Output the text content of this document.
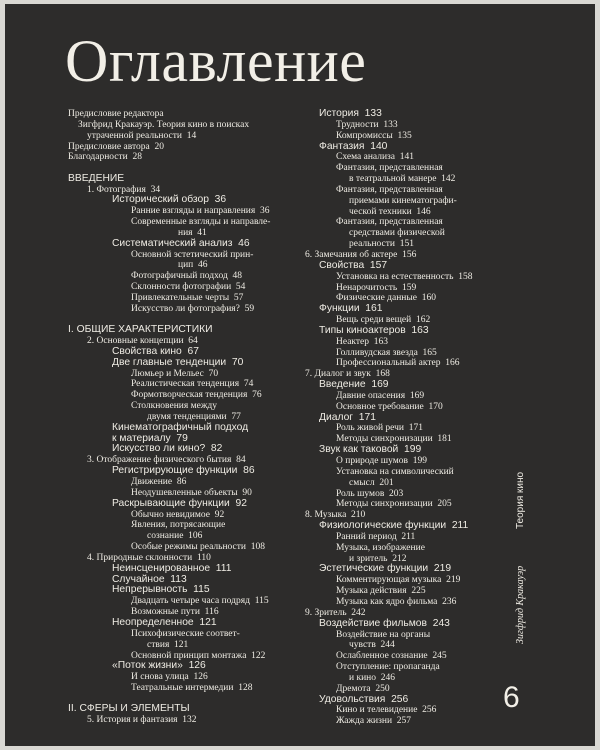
Оглавление
Предисловие редактора
Зигфрид Кракауэр. Теория кино в поисках
утраченной реальности  14
Предисловие автора  20
Благодарности  28
ВВЕДЕНИЕ
1. Фотография  34
Исторический обзор  36
Ранние взгляды и направления  36
Современные взгляды и направле-
ния  41
Систематический анализ  46
Основной эстетический прин-
цип  46
Фотографичный подход  48
Склонности фотографии  54
Привлекательные черты  57
Искусство ли фотография?  59
I. ОБЩИЕ ХАРАКТЕРИСТИКИ
2. Основные концепции  64
Свойства кино  67
Две главные тенденции  70
Люмьер и Мельес  70
Реалистическая тенденция  74
Формотворческая тенденция  76
Столкновения между
двумя тенденциями  77
Кинематографичный подход
к материалу  79
Искусство ли кино?  82
3. Отображение физического бытия  84
Регистрирующие функции  86
Движение  86
Неодушевленные объекты  90
Раскрывающие функции  92
Обычно невидимое  92
Явления, потрясающие
сознание  106
Особые режимы реальности  108
4. Природные склонности  110
Неинсценированное  111
Случайное  113
Непрерывность  115
Двадцать четыре часа подряд  115
Возможные пути  116
Неопределенное  121
Психофизические соответ-
ствия  121
Основной принцип монтажа  122
«Поток жизни»  126
И снова улица  126
Театральные интермедии  128
II. СФЕРЫ И ЭЛЕМЕНТЫ
5. История и фантазия  132
История  133
Трудности  133
Компромиссы  135
Фантазия  140
Схема анализа  141
Фантазия, представленная
в театральной манере  142
Фантазия, представленная
приемами кинематографи-
ческой техники  146
Фантазия, представленная
средствами физической
реальности  151
6. Замечания об актере  156
Свойства  157
Установка на естественность  158
Ненарочитость  159
Физические данные  160
Функции  161
Вещь среди вещей  162
Типы киноактеров  163
Неактер  163
Голливудская звезда  165
Профессиональный актер  166
7. Диалог и звук  168
Введение  169
Давние опасения  169
Основное требование  170
Диалог  171
Роль живой речи  171
Методы синхронизации  181
Звук как таковой  199
О природе шумов  199
Установка на символический
смысл  201
Роль шумов  203
Методы синхронизации  205
8. Музыка  210
Физиологические функции  211
Ранний период  211
Музыка, изображение
и зритель  212
Эстетические функции  219
Комментирующая музыка  219
Музыка действия  225
Музыка как ядро фильма  236
9. Зритель  242
Воздействие фильмов  243
Воздействие на органы
чувств  244
Ослабленное сознание  245
Отступление: пропаганда
и кино  246
Дремота  250
Удовольствия  256
Кино и телевидение  256
Жажда жизни  257
Теория кино
Зигфрид Кракауэр
6
